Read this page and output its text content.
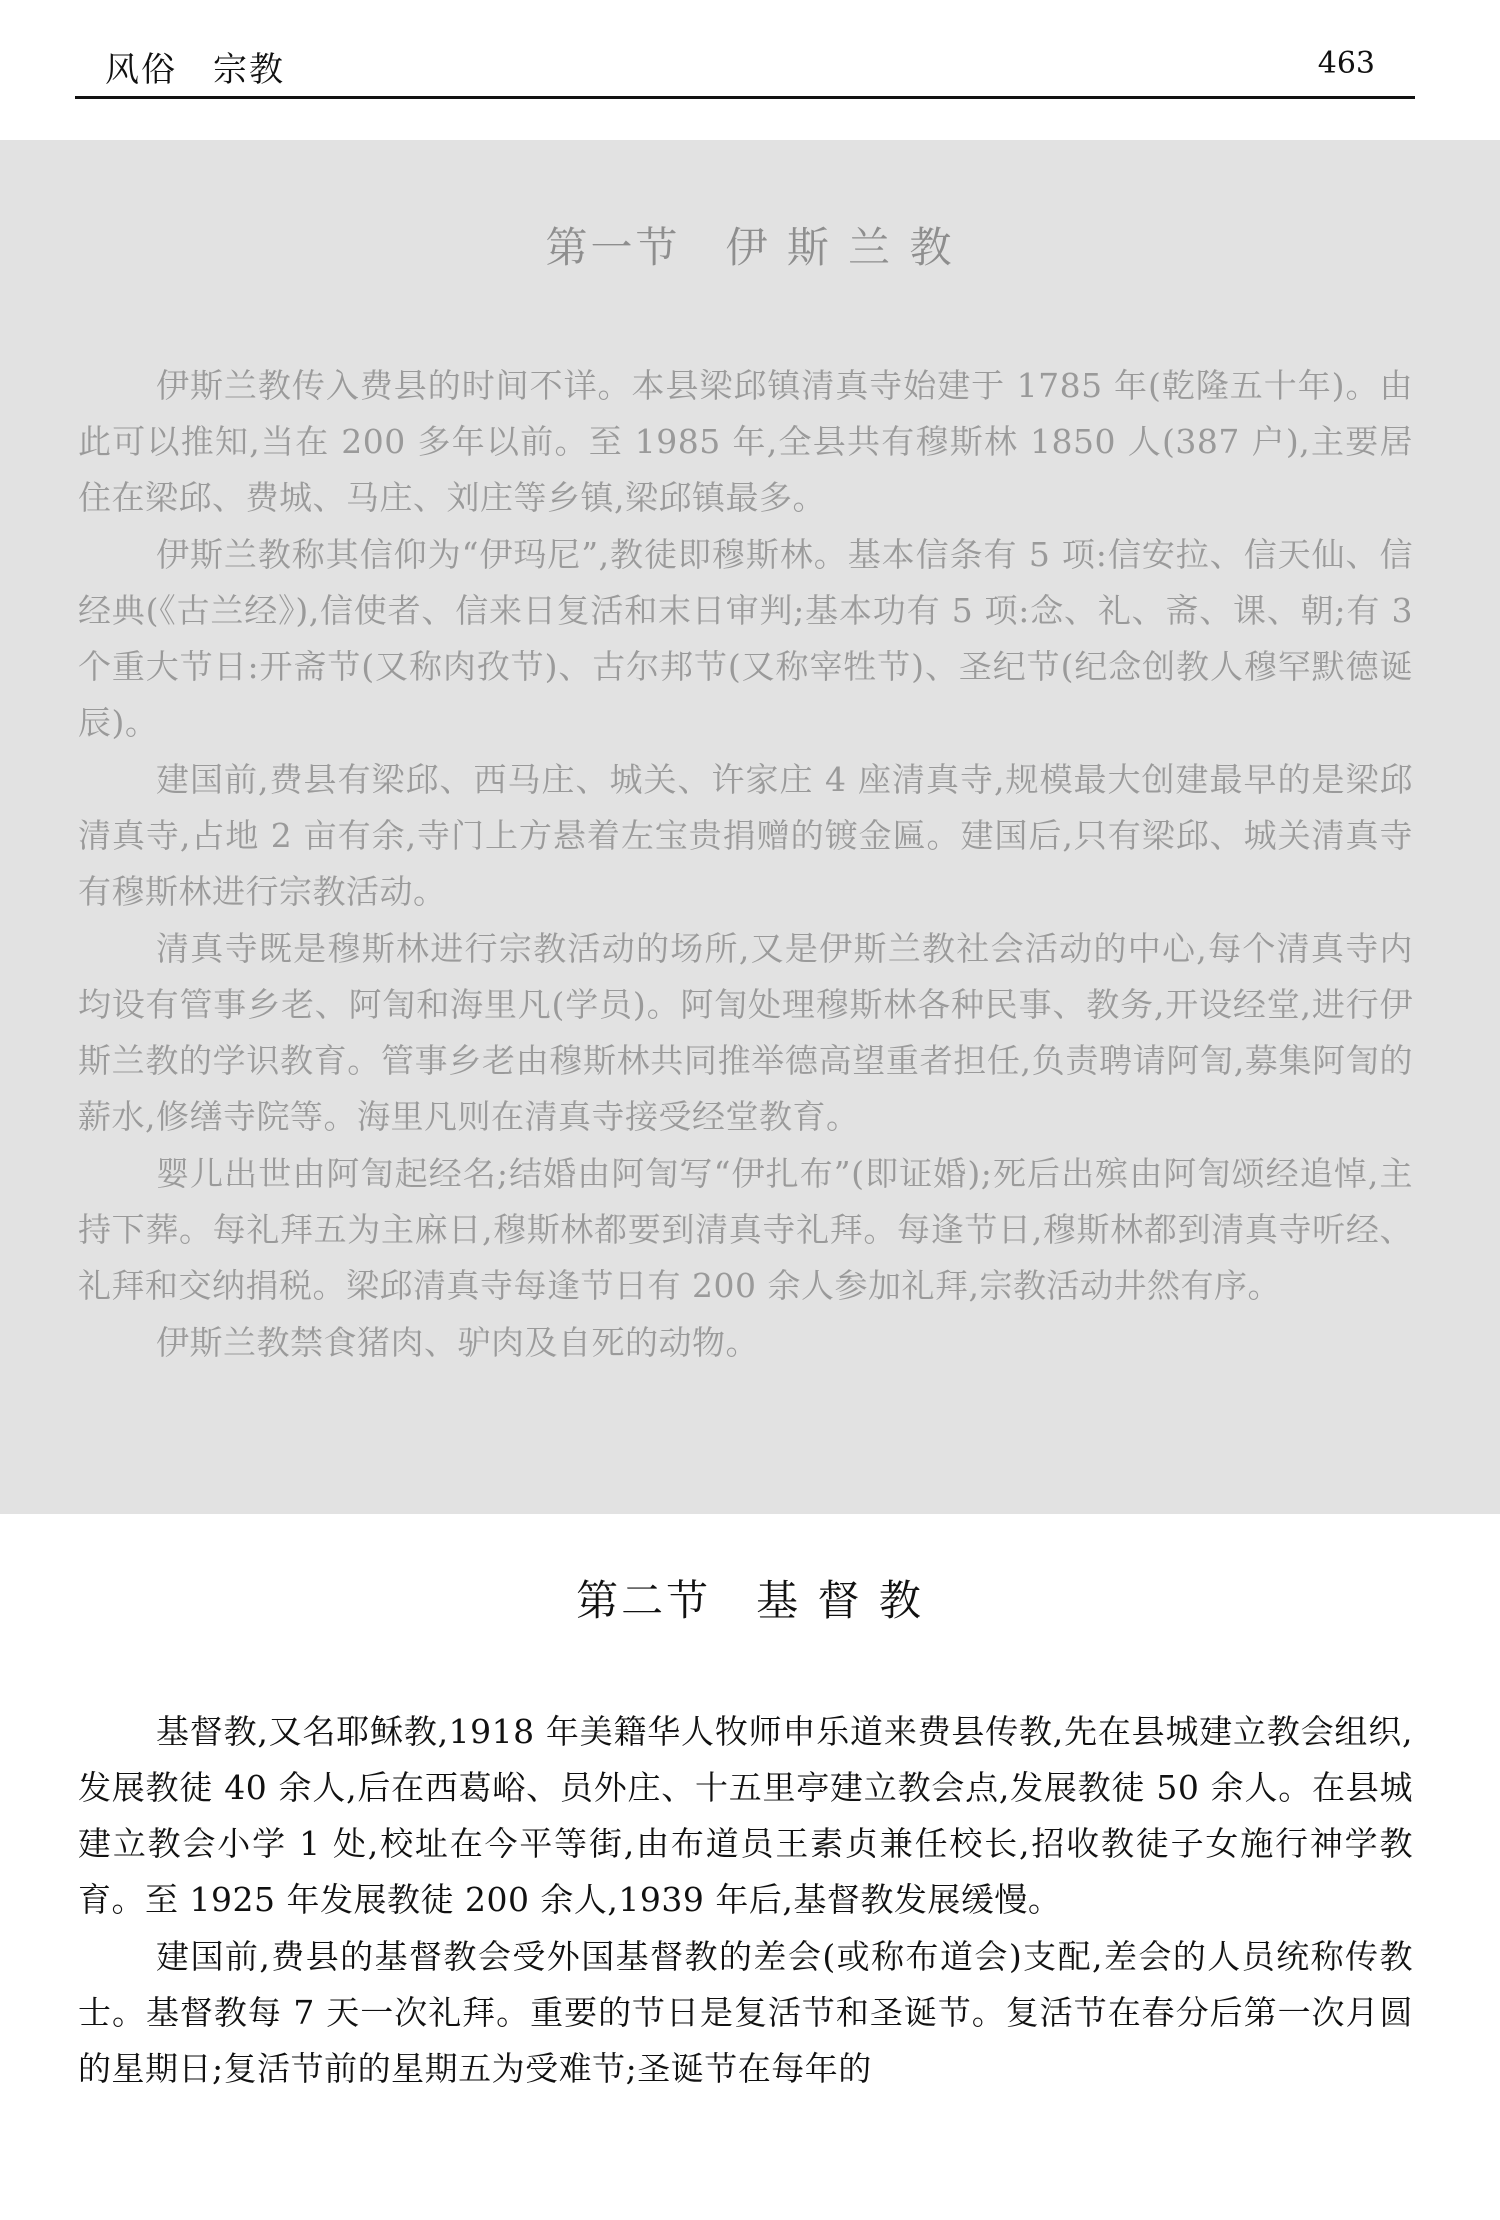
风俗　宗教	463
第一节　伊 斯 兰 教

伊斯兰教传入费县的时间不详。本县梁邱镇清真寺始建于 1785 年(乾隆五十年)。由此可以推知,当在 200 多年以前。至 1985 年,全县共有穆斯林 1850 人(387 户),主要居住在梁邱、费城、马庄、刘庄等乡镇,梁邱镇最多。

伊斯兰教称其信仰为“伊玛尼”,教徒即穆斯林。基本信条有 5 项:信安拉、信天仙、信经典(《古兰经》),信使者、信来日复活和末日审判;基本功有 5 项:念、礼、斋、课、朝;有 3 个重大节日:开斋节(又称肉孜节)、古尔邦节(又称宰牲节)、圣纪节(纪念创教人穆罕默德诞辰)。

建国前,费县有梁邱、西马庄、城关、许家庄 4 座清真寺,规模最大创建最早的是梁邱清真寺,占地 2 亩有余,寺门上方悬着左宝贵捐赠的镀金匾。建国后,只有梁邱、城关清真寺有穆斯林进行宗教活动。

清真寺既是穆斯林进行宗教活动的场所,又是伊斯兰教社会活动的中心,每个清真寺内均设有管事乡老、阿訇和海里凡(学员)。阿訇处理穆斯林各种民事、教务,开设经堂,进行伊斯兰教的学识教育。管事乡老由穆斯林共同推举德高望重者担任,负责聘请阿訇,募集阿訇的薪水,修缮寺院等。海里凡则在清真寺接受经堂教育。

婴儿出世由阿訇起经名;结婚由阿訇写“伊扎布”(即证婚);死后出殡由阿訇颂经追悼,主持下葬。每礼拜五为主麻日,穆斯林都要到清真寺礼拜。每逢节日,穆斯林都到清真寺听经、礼拜和交纳捐税。梁邱清真寺每逢节日有 200 余人参加礼拜,宗教活动井然有序。

伊斯兰教禁食猪肉、驴肉及自死的动物。

第二节　基 督 教

基督教,又名耶稣教,1918 年美籍华人牧师申乐道来费县传教,先在县城建立教会组织,发展教徒 40 余人,后在西葛峪、员外庄、十五里亭建立教会点,发展教徒 50 余人。在县城建立教会小学 1 处,校址在今平等街,由布道员王素贞兼任校长,招收教徒子女施行神学教育。至 1925 年发展教徒 200 余人,1939 年后,基督教发展缓慢。

建国前,费县的基督教会受外国基督教的差会(或称布道会)支配,差会的人员统称传教士。基督教每 7 天一次礼拜。重要的节日是复活节和圣诞节。复活节在春分后第一次月圆的星期日;复活节前的星期五为受难节;圣诞节在每年的
